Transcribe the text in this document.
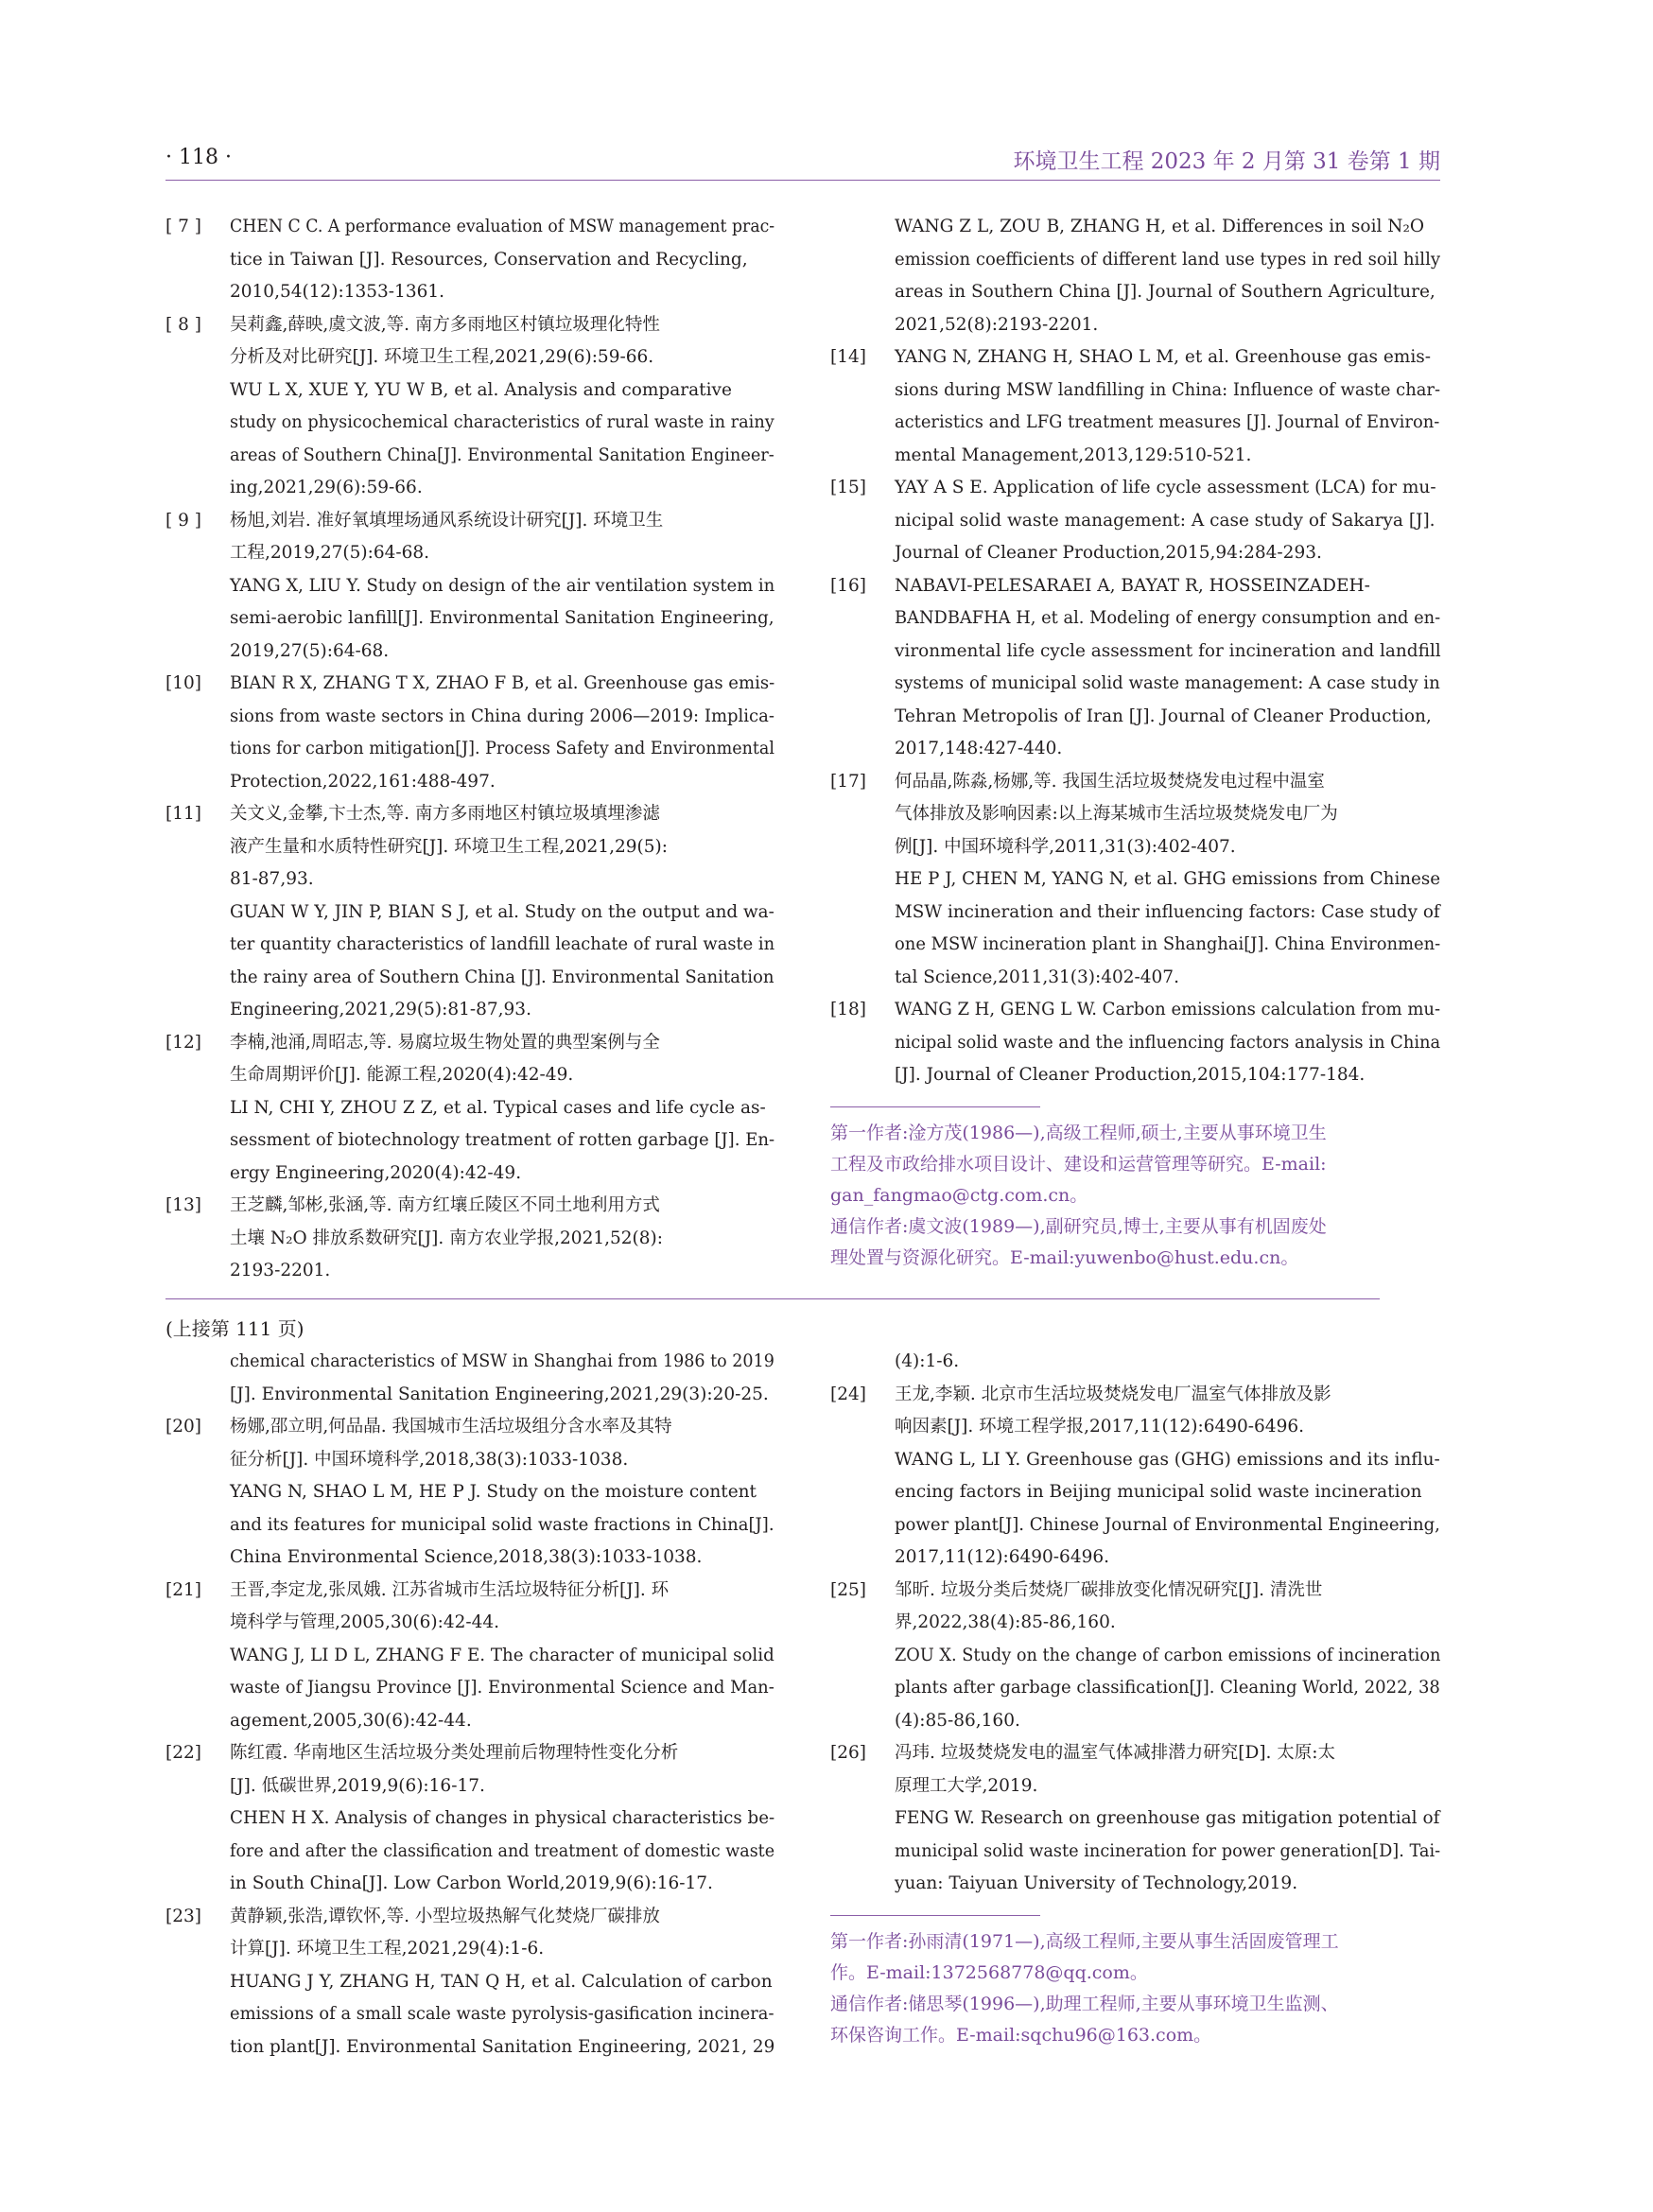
· 118 ·	环境卫生工程 2023 年 2 月第 31 卷第 1 期
[ 7 ] CHEN C C. A performance evaluation of MSW management prac-

tice in Taiwan [J]. Resources, Conservation and Recycling,

2010,54(12):1353-1361.

[ 8 ] 吴莉鑫,薛映,虞文波,等. 南方多雨地区村镇垃圾理化特性

分析及对比研究[J]. 环境卫生工程,2021,29(6):59-66.

WU L X, XUE Y, YU W B, et al. Analysis and comparative

study on physicochemical characteristics of rural waste in rainy

areas of Southern China[J]. Environmental Sanitation Engineer-

ing,2021,29(6):59-66.

[ 9 ] 杨旭,刘岩. 准好氧填埋场通风系统设计研究[J]. 环境卫生

工程,2019,27(5):64-68.

YANG X, LIU Y. Study on design of the air ventilation system in

semi-aerobic lanfill[J]. Environmental Sanitation Engineering,

2019,27(5):64-68.

[10] BIAN R X, ZHANG T X, ZHAO F B, et al. Greenhouse gas emis-

sions from waste sectors in China during 2006—2019: Implica-

tions for carbon mitigation[J]. Process Safety and Environmental

Protection,2022,161:488-497.

[11] 关文义,金攀,卞士杰,等. 南方多雨地区村镇垃圾填埋渗滤

液产生量和水质特性研究[J]. 环境卫生工程,2021,29(5):

81-87,93.

GUAN W Y, JIN P, BIAN S J, et al. Study on the output and wa-

ter quantity characteristics of landfill leachate of rural waste in

the rainy area of Southern China [J]. Environmental Sanitation

Engineering,2021,29(5):81-87,93.

[12] 李楠,池涌,周昭志,等. 易腐垃圾生物处置的典型案例与全

生命周期评价[J]. 能源工程,2020(4):42-49.

LI N, CHI Y, ZHOU Z Z, et al. Typical cases and life cycle as-

sessment of biotechnology treatment of rotten garbage [J]. En-

ergy Engineering,2020(4):42-49.

[13] 王芝麟,邹彬,张涵,等. 南方红壤丘陵区不同土地利用方式

土壤 N₂O 排放系数研究[J]. 南方农业学报,2021,52(8):

2193-2201.

WANG Z L, ZOU B, ZHANG H, et al. Differences in soil N₂O

emission coefficients of different land use types in red soil hilly

areas in Southern China [J]. Journal of Southern Agriculture,

2021,52(8):2193-2201.

[14] YANG N, ZHANG H, SHAO L M, et al. Greenhouse gas emis-

sions during MSW landfilling in China: Influence of waste char-

acteristics and LFG treatment measures [J]. Journal of Environ-

mental Management,2013,129:510-521.

[15] YAY A S E. Application of life cycle assessment (LCA) for mu-

nicipal solid waste management: A case study of Sakarya [J].

Journal of Cleaner Production,2015,94:284-293.

[16] NABAVI-PELESARAEI A, BAYAT R, HOSSEINZADEH-

BANDBAFHA H, et al. Modeling of energy consumption and en-

vironmental life cycle assessment for incineration and landfill

systems of municipal solid waste management: A case study in

Tehran Metropolis of Iran [J]. Journal of Cleaner Production,

2017,148:427-440.

[17] 何品晶,陈淼,杨娜,等. 我国生活垃圾焚烧发电过程中温室

气体排放及影响因素:以上海某城市生活垃圾焚烧发电厂为

例[J]. 中国环境科学,2011,31(3):402-407.

HE P J, CHEN M, YANG N, et al. GHG emissions from Chinese

MSW incineration and their influencing factors: Case study of

one MSW incineration plant in Shanghai[J]. China Environmen-

tal Science,2011,31(3):402-407.

[18] WANG Z H, GENG L W. Carbon emissions calculation from mu-

nicipal solid waste and the influencing factors analysis in China

[J]. Journal of Cleaner Production,2015,104:177-184.

第一作者:淦方茂(1986—),高级工程师,硕士,主要从事环境卫生

工程及市政给排水项目设计、建设和运营管理等研究。E-mail:

gan_fangmao@ctg.com.cn。

通信作者:虞文波(1989—),副研究员,博士,主要从事有机固废处

理处置与资源化研究。E-mail:yuwenbo@hust.edu.cn。

(上接第 111 页)

chemical characteristics of MSW in Shanghai from 1986 to 2019

[J]. Environmental Sanitation Engineering,2021,29(3):20-25.

[20] 杨娜,邵立明,何品晶. 我国城市生活垃圾组分含水率及其特

征分析[J]. 中国环境科学,2018,38(3):1033-1038.

YANG N, SHAO L M, HE P J. Study on the moisture content

and its features for municipal solid waste fractions in China[J].

China Environmental Science,2018,38(3):1033-1038.

[21] 王晋,李定龙,张凤娥. 江苏省城市生活垃圾特征分析[J]. 环

境科学与管理,2005,30(6):42-44.

WANG J, LI D L, ZHANG F E. The character of municipal solid

waste of Jiangsu Province [J]. Environmental Science and Man-

agement,2005,30(6):42-44.

[22] 陈红霞. 华南地区生活垃圾分类处理前后物理特性变化分析

[J]. 低碳世界,2019,9(6):16-17.

CHEN H X. Analysis of changes in physical characteristics be-

fore and after the classification and treatment of domestic waste

in South China[J]. Low Carbon World,2019,9(6):16-17.

[23] 黄静颖,张浩,谭钦怀,等. 小型垃圾热解气化焚烧厂碳排放

计算[J]. 环境卫生工程,2021,29(4):1-6.

HUANG J Y, ZHANG H, TAN Q H, et al. Calculation of carbon

emissions of a small scale waste pyrolysis-gasification incinera-

tion plant[J]. Environmental Sanitation Engineering, 2021, 29

(4):1-6.

[24] 王龙,李颖. 北京市生活垃圾焚烧发电厂温室气体排放及影

响因素[J]. 环境工程学报,2017,11(12):6490-6496.

WANG L, LI Y. Greenhouse gas (GHG) emissions and its influ-

encing factors in Beijing municipal solid waste incineration

power plant[J]. Chinese Journal of Environmental Engineering,

2017,11(12):6490-6496.

[25] 邹昕. 垃圾分类后焚烧厂碳排放变化情况研究[J]. 清洗世

界,2022,38(4):85-86,160.

ZOU X. Study on the change of carbon emissions of incineration

plants after garbage classification[J]. Cleaning World, 2022, 38

(4):85-86,160.

[26] 冯玮. 垃圾焚烧发电的温室气体减排潜力研究[D]. 太原:太

原理工大学,2019.

FENG W. Research on greenhouse gas mitigation potential of

municipal solid waste incineration for power generation[D]. Tai-

yuan: Taiyuan University of Technology,2019.

第一作者:孙雨清(1971—),高级工程师,主要从事生活固废管理工

作。E-mail:1372568778@qq.com。

通信作者:储思琴(1996—),助理工程师,主要从事环境卫生监测、

环保咨询工作。E-mail:sqchu96@163.com。
